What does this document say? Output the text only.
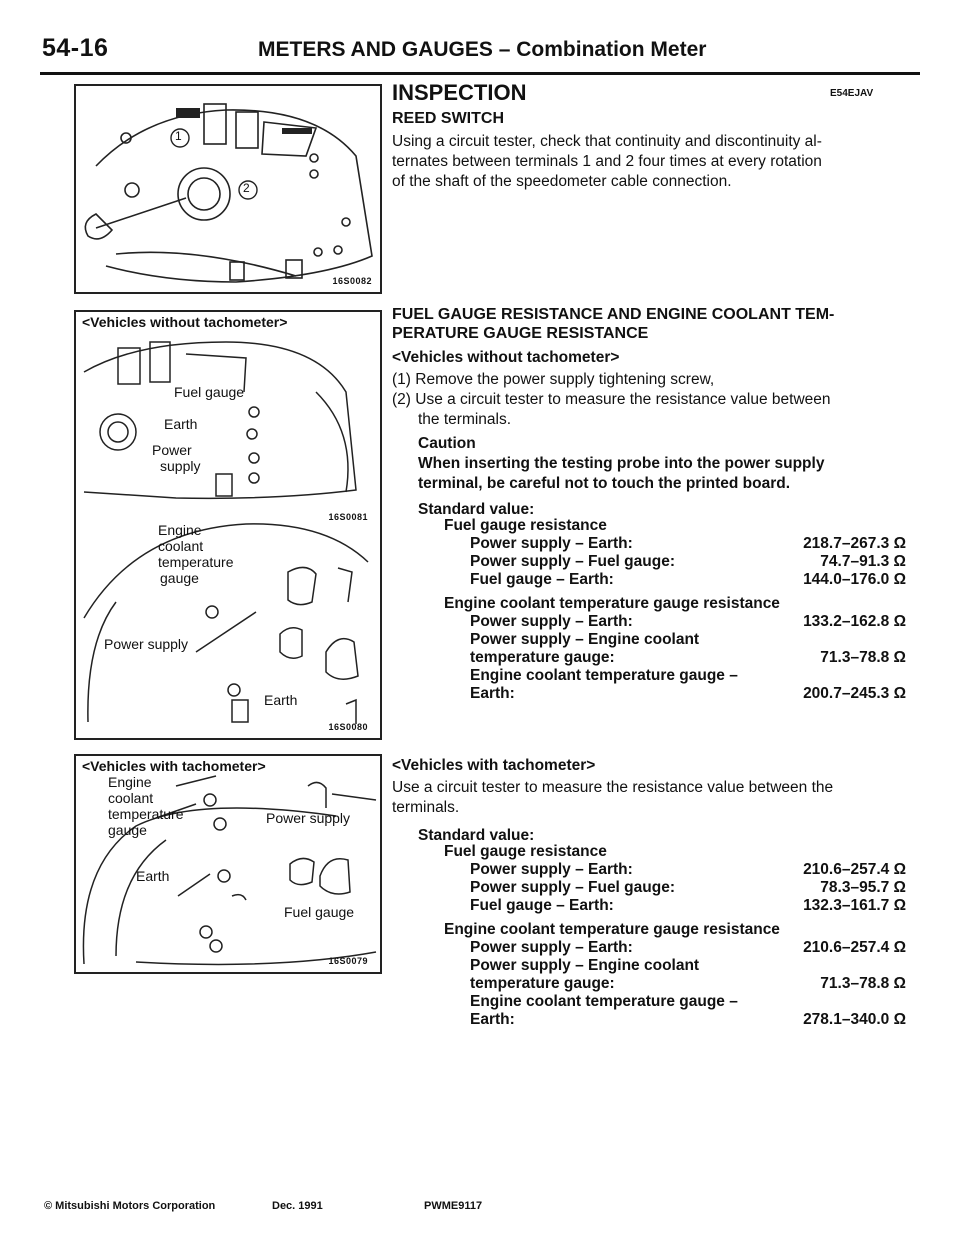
54-16	METERS AND GAUGES – Combination Meter
1
2
16S0082
<Vehicles without tachometer>
Fuel gauge
Earth
Power
supply
16S0081
Engine
coolant
temperature
gauge
Power supply
Earth
16S0080
<Vehicles with tachometer>
Engine
coolant
temperature
gauge
Power supply
Earth
Fuel gauge
16S0079
INSPECTION	E54EJAV
REED SWITCH
Using a circuit tester, check that continuity and discontinuity al-
ternates between terminals 1 and 2 four times at every rotation
of the shaft of the speedometer cable connection.
FUEL GAUGE RESISTANCE AND ENGINE COOLANT TEM-
PERATURE GAUGE RESISTANCE
<Vehicles without tachometer>
(1) Remove the power supply tightening screw,
(2) Use a circuit tester to measure the resistance value between
the terminals.
Caution
When inserting the testing probe into the power supply
terminal, be careful not to touch the printed board.
Standard value:
Fuel gauge resistance
Power supply – Earth:	218.7–267.3 Ω
Power supply – Fuel gauge:	74.7–91.3 Ω
Fuel gauge – Earth:	144.0–176.0 Ω
Engine coolant temperature gauge resistance
Power supply – Earth:	133.2–162.8 Ω
Power supply – Engine coolant
temperature gauge:	71.3–78.8 Ω
Engine coolant temperature gauge –
Earth:	200.7–245.3 Ω
<Vehicles with tachometer>
Use a circuit tester to measure the resistance value between the
terminals.
Standard value:
Fuel gauge resistance
Power supply – Earth:	210.6–257.4 Ω
Power supply – Fuel gauge:	78.3–95.7 Ω
Fuel gauge – Earth:	132.3–161.7 Ω
Engine coolant temperature gauge resistance
Power supply – Earth:	210.6–257.4 Ω
Power supply – Engine coolant
temperature gauge:	71.3–78.8 Ω
Engine coolant temperature gauge –
Earth:	278.1–340.0 Ω
© Mitsubishi Motors Corporation	Dec. 1991	PWME9117
